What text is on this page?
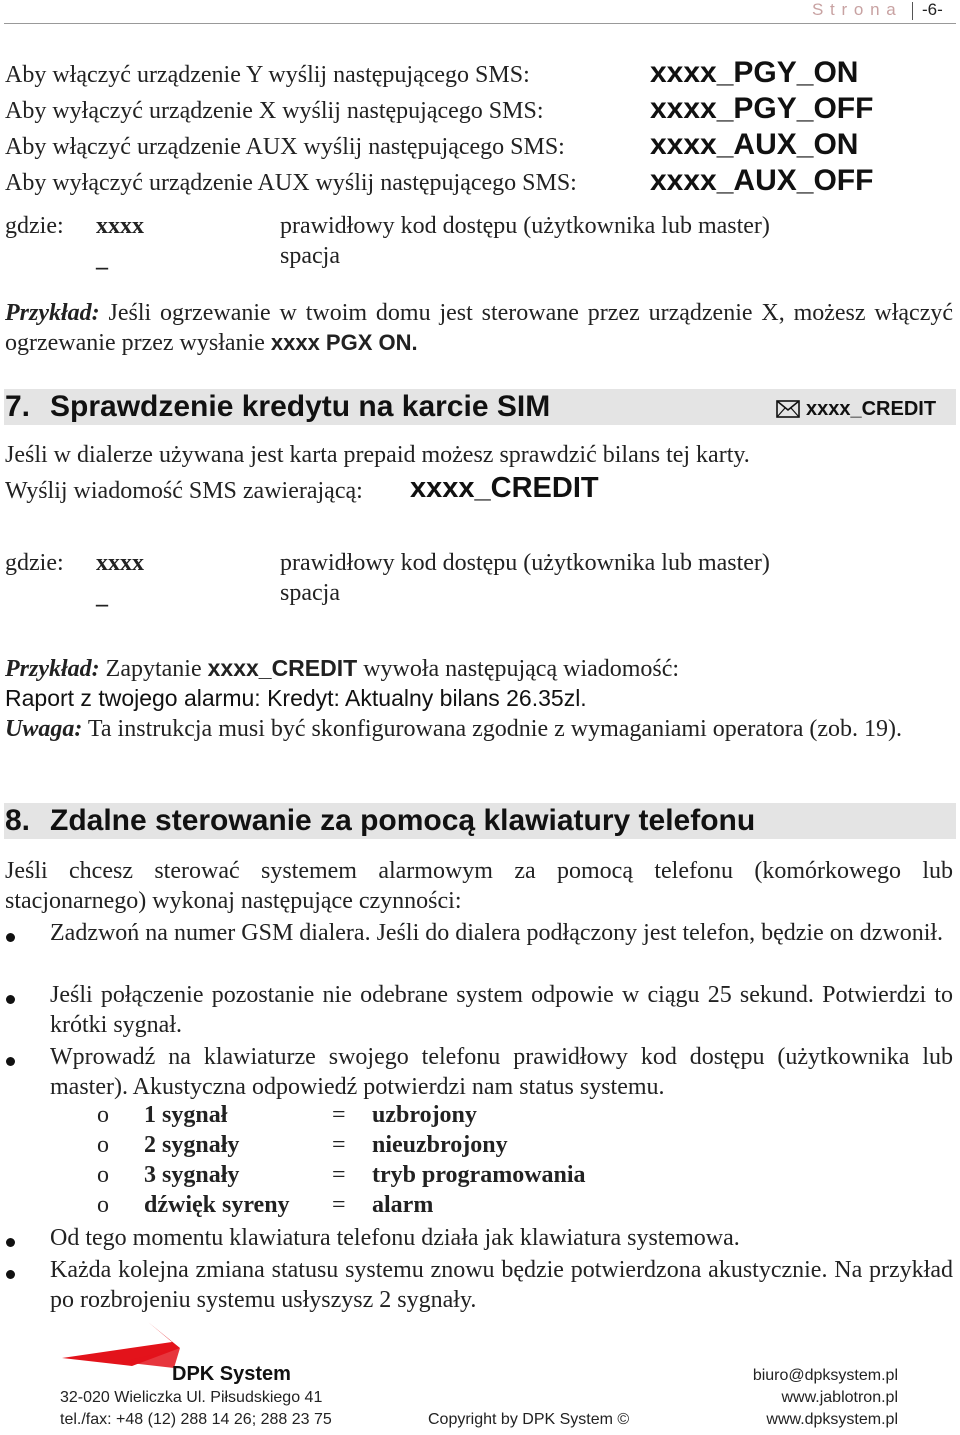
S t r o n a -6-
Aby włączyć urządzenie Y wyślij następującego SMS:	xxxx_PGY_ON
Aby wyłączyć urządzenie X wyślij następującego SMS:	xxxx_PGY_OFF
Aby włączyć urządzenie AUX wyślij następującego SMS:	xxxx_AUX_ON
Aby wyłączyć urządzenie AUX wyślij następującego SMS: xxxx_AUX_OFF
gdzie: xxxx	prawidłowy kod dostępu (użytkownika lub master)
_	spacja
Przykład: Jeśli ogrzewanie w twoim domu jest sterowane przez urządzenie X, możesz włączyć ogrzewanie przez wysłanie xxxx PGX ON.
7. Sprawdzenie kredytu na karcie SIM	xxxx_CREDIT
Jeśli w dialerze używana jest karta prepaid możesz sprawdzić bilans tej karty.
Wyślij wiadomość SMS zawierającą: xxxx_CREDIT
gdzie: xxxx	prawidłowy kod dostępu (użytkownika lub master)
_	spacja
Przykład: Zapytanie xxxx_CREDIT wywoła następującą wiadomość:
Raport z twojego alarmu: Kredyt: Aktualny bilans 26.35zl.
Uwaga: Ta instrukcja musi być skonfigurowana zgodnie z wymaganiami operatora (zob. 19).
8. Zdalne sterowanie za pomocą klawiatury telefonu
Jeśli chcesz sterować systemem alarmowym za pomocą telefonu (komórkowego lub stacjonarnego) wykonaj następujące czynności:
Zadzwoń na numer GSM dialera. Jeśli do dialera podłączony jest telefon, będzie on dzwonił.
Jeśli połączenie pozostanie nie odebrane system odpowie w ciągu 25 sekund. Potwierdzi to krótki sygnał.
Wprowadź na klawiaturze swojego telefonu prawidłowy kod dostępu (użytkownika lub master). Akustyczna odpowiedź potwierdzi nam status systemu.
o 1 sygnał	= uzbrojony
o 2 sygnały	= nieuzbrojony
o 3 sygnały	= tryb programowania
o dźwięk syreny = alarm
Od tego momentu klawiatura telefonu działa jak klawiatura systemowa.
Każda kolejna zmiana statusu systemu znowu będzie potwierdzona akustycznie. Na przykład po rozbrojeniu systemu usłyszysz 2 sygnały.
DPK System
32-020 Wieliczka Ul. Piłsudskiego 41
tel./fax: +48 (12) 288 14 26; 288 23 75	Copyright by DPK System ©
biuro@dpksystem.pl
www.jablotron.pl
www.dpksystem.pl
